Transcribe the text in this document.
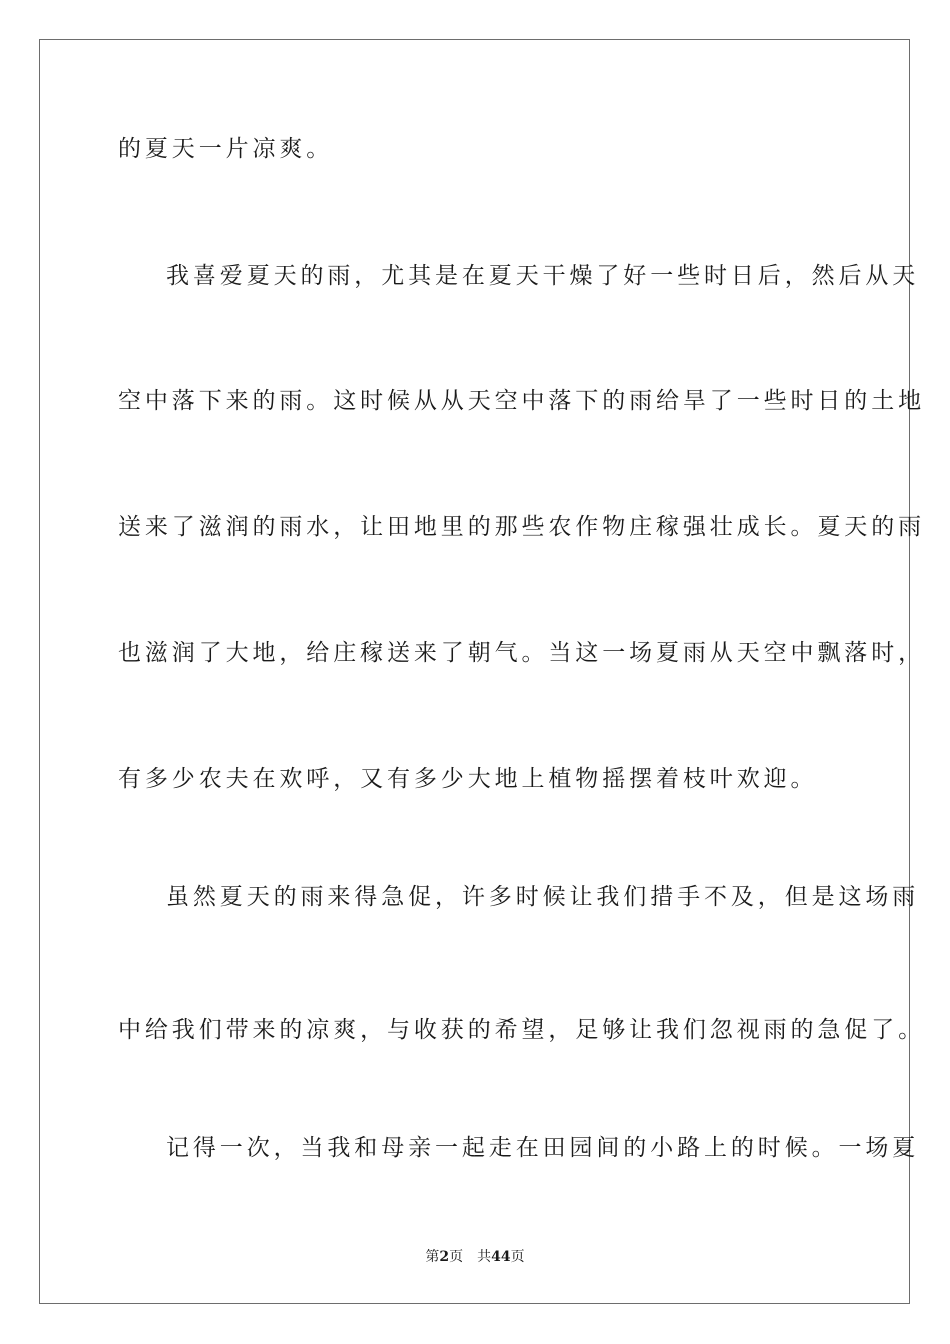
的夏天一片凉爽。
我喜爱夏天的雨，尤其是在夏天干燥了好一些时日后，然后从天
空中落下来的雨。这时候从从天空中落下的雨给旱了一些时日的土地
送来了滋润的雨水，让田地里的那些农作物庄稼强壮成长。夏天的雨
也滋润了大地，给庄稼送来了朝气。当这一场夏雨从天空中飘落时，
有多少农夫在欢呼，又有多少大地上植物摇摆着枝叶欢迎。
虽然夏天的雨来得急促，许多时候让我们措手不及，但是这场雨
中给我们带来的凉爽，与收获的希望，足够让我们忽视雨的急促了。
记得一次，当我和母亲一起走在田园间的小路上的时候。一场夏
第2页 共44页
